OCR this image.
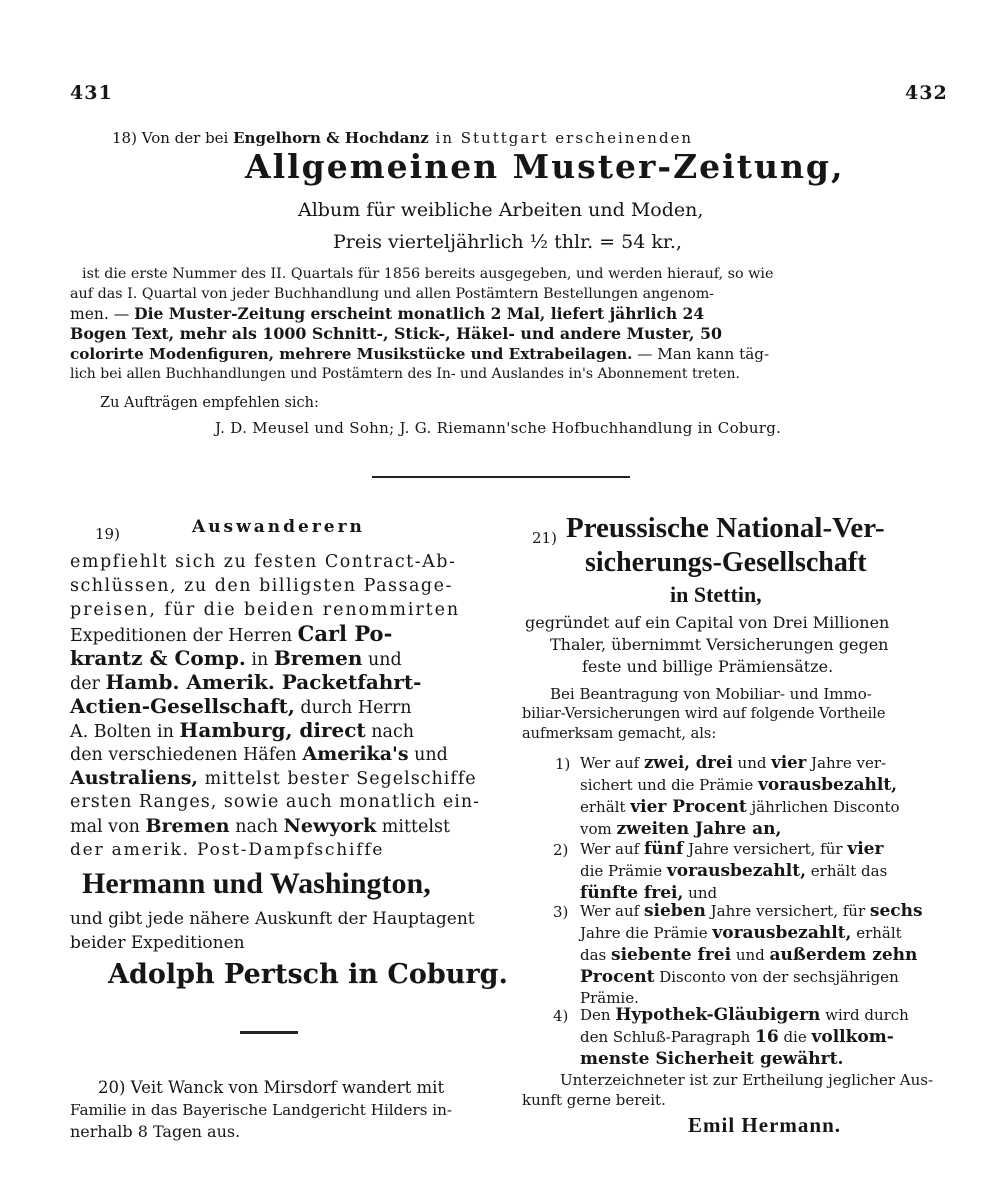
431	432
18) Von der bei Engelhorn & Hochdanz in Stuttgart erscheinenden
Allgemeinen Muster-Zeitung,
Album für weibliche Arbeiten und Moden,
Preis vierteljährlich ½ thlr. = 54 kr.,
ist die erste Nummer des II. Quartals für 1856 bereits ausgegeben, und werden hierauf, so wie
auf das I. Quartal von jeder Buchhandlung und allen Postämtern Bestellungen angenom-
men. — Die Muster-Zeitung erscheint monatlich 2 Mal, liefert jährlich 24
Bogen Text, mehr als 1000 Schnitt-, Stick-, Häkel- und andere Muster, 50
colorirte Modenfiguren, mehrere Musikstücke und Extrabeilagen. — Man kann täg-
lich bei allen Buchhandlungen und Postämtern des In- und Auslandes in's Abonnement treten.
Zu Aufträgen empfehlen sich:
J. D. Meusel und Sohn; J. G. Riemann'sche Hofbuchhandlung in Coburg.
19)	Auswanderern
empfiehlt sich zu festen Contract-Ab-
schlüssen, zu den billigsten Passage-
preisen, für die beiden renommirten
Expeditionen der Herren Carl Po-
krantz & Comp. in Bremen und
der Hamb. Amerik. Packetfahrt-
Actien-Gesellschaft, durch Herrn
A. Bolten in Hamburg, direct nach
den verschiedenen Häfen Amerika's und
Australiens, mittelst bester Segelschiffe
ersten Ranges, sowie auch monatlich ein-
mal von Bremen nach Newyork mittelst
der amerik. Post-Dampfschiffe
Hermann und Washington,
und gibt jede nähere Auskunft der Hauptagent
beider Expeditionen
Adolph Pertsch in Coburg.
20) Veit Wanck von Mirsdorf wandert mit
Familie in das Bayerische Landgericht Hilders in-
nerhalb 8 Tagen aus.
21) Preussische National-Ver-
sicherungs-Gesellschaft
in Stettin,
gegründet auf ein Capital von Drei Millionen
Thaler, übernimmt Versicherungen gegen
feste und billige Prämiensätze.
Bei Beantragung von Mobiliar- und Immo-
biliar-Versicherungen wird auf folgende Vortheile
aufmerksam gemacht, als:
1) Wer auf zwei, drei und vier Jahre ver-
sichert und die Prämie vorausbezahlt,
erhält vier Procent jährlichen Disconto
vom zweiten Jahre an,
2) Wer auf fünf Jahre versichert, für vier
die Prämie vorausbezahlt, erhält das
fünfte frei, und
3) Wer auf sieben Jahre versichert, für sechs
Jahre die Prämie vorausbezahlt, erhält
das siebente frei und außerdem zehn
Procent Disconto von der sechsjährigen
Prämie.
4) Den Hypothek-Gläubigern wird durch
den Schluß-Paragraph 16 die vollkom-
menste Sicherheit gewährt.
Unterzeichneter ist zur Ertheilung jeglicher Aus-
kunft gerne bereit.
Emil Hermann.
